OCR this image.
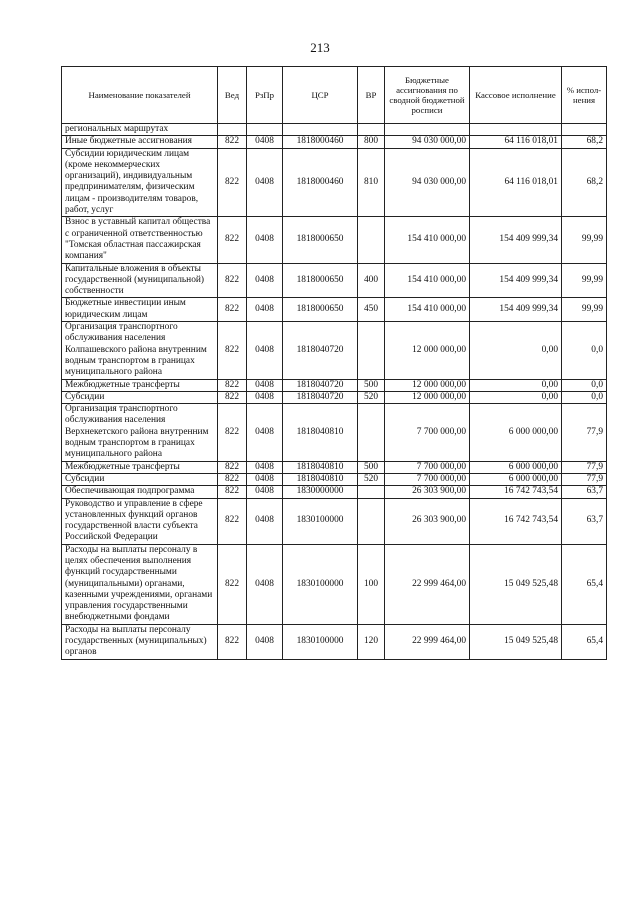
213
Наименование показателей	Вед	РзПр	ЦСР	ВР	Бюджетные ассигнования по сводной бюджетной росписи	Кассовое исполнение	% испол-нения
региональных маршрутах							
Иные бюджетные ассигнования	822	0408	1818000460	800	94 030 000,00	64 116 018,01	68,2
Субсидии юридическим лицам (кроме некоммерческих организаций), индивидуальным предпринимателям, физическим лицам - производителям товаров, работ, услуг	822	0408	1818000460	810	94 030 000,00	64 116 018,01	68,2
Взнос в уставный капитал общества с ограниченной ответственностью "Томская областная пассажирская компания"	822	0408	1818000650		154 410 000,00	154 409 999,34	99,99
Капитальные вложения в объекты государственной (муниципальной) собственности	822	0408	1818000650	400	154 410 000,00	154 409 999,34	99,99
Бюджетные инвестиции иным юридическим лицам	822	0408	1818000650	450	154 410 000,00	154 409 999,34	99,99
Организация транспортного обслуживания населения Колпашевского района внутренним водным транспортом в границах муниципального района	822	0408	1818040720		12 000 000,00	0,00	0,0
Межбюджетные трансферты	822	0408	1818040720	500	12 000 000,00	0,00	0,0
Субсидии	822	0408	1818040720	520	12 000 000,00	0,00	0,0
Организация транспортного обслуживания населения Верхнекетского района внутренним водным транспортом в границах муниципального района	822	0408	1818040810		7 700 000,00	6 000 000,00	77,9
Межбюджетные трансферты	822	0408	1818040810	500	7 700 000,00	6 000 000,00	77,9
Субсидии	822	0408	1818040810	520	7 700 000,00	6 000 000,00	77,9
Обеспечивающая подпрограмма	822	0408	1830000000		26 303 900,00	16 742 743,54	63,7
Руководство и управление в сфере установленных функций органов государственной власти субъекта Российской Федерации	822	0408	1830100000		26 303 900,00	16 742 743,54	63,7
Расходы на выплаты персоналу в целях обеспечения выполнения функций государственными (муниципальными) органами, казенными учреждениями, органами управления государственными внебюджетными фондами	822	0408	1830100000	100	22 999 464,00	15 049 525,48	65,4
Расходы на выплаты персоналу государственных (муниципальных) органов	822	0408	1830100000	120	22 999 464,00	15 049 525,48	65,4
